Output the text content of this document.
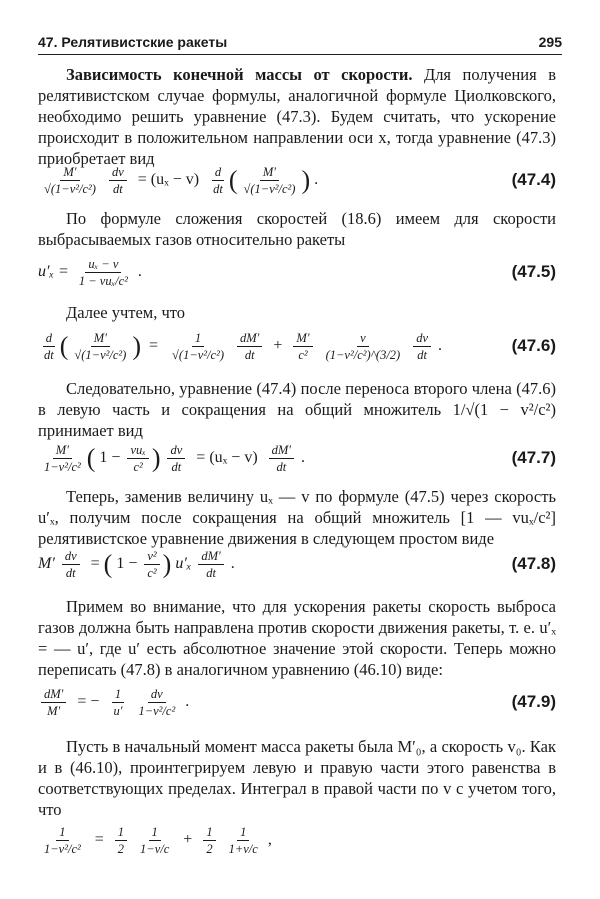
47. Релятивистские ракеты	295
Зависимость конечной массы от скорости. Для получения в релятивистском случае формулы, аналогичной формуле Циолковского, необходимо решить уравнение (47.3). Будем считать, что ускорение происходит в положительном направлении оси x, тогда уравнение (47.3) приобретает вид
$\frac{M'}{\text{√(1−v²/c²)}}$
$\frac{dv}{dt} = (u_x - v) \frac{d}{dt}$ ( $\frac{M'}{\text{√(1−v²/c²)}}$ ) .	(47.4)
По формуле сложения скоростей (18.6) имеем для скорости выбрасываемых газов относительно ракеты
$u'_x = \frac{\text{uₓ − v}}{\text{1 − vuₓ/c²}}$ .	(47.5)
Далее учтем, что
$\frac{d}{dt}$ ( $\frac{M'}{\text{√(1−v²/c²)}}$ ) = $\frac{1}{\text{√(1−v²/c²)}}$
$\frac{dM'}{dt} + \frac{M'}{\text{c²}}$
$\frac{v}{\text{(1−v²/c²)\textasciicircum{}(3/2)}}$
$\frac{dv}{dt}$ .	(47.6)
Следовательно, уравнение (47.4) после переноса второго члена (47.6) в левую часть и сокращения на общий множитель 1/√(1 − v²/c²) принимает вид
$\frac{M'}{\text{1−v²/c²}}$ ( $1 - \frac{\text{vuₓ}}{\text{c²}}$ ) $\frac{dv}{dt} = (u_x - v) \frac{dM'}{dt}$ .	(47.7)
Теперь, заменив величину uₓ — v по формуле (47.5) через скорость u′ₓ, получим после сокращения на общий множитель [1 — vuₓ/c²] релятивистское уравнение движения в следующем простом виде
$M' \frac{dv}{dt}$ = ( $1 - \frac{\text{v²}}{\text{c²}}$ ) $u'_x \frac{dM'}{dt}$ .	(47.8)
Примем во внимание, что для ускорения ракеты скорость выброса газов должна быть направлена против скорости движения ракеты, т. е. u′ₓ = — u′, где u′ есть абсолютное значение этой скорости. Теперь можно переписать (47.8) в аналогичном уравнению (46.10) виде:
$\frac{dM'}{M'}$ = − $\frac{1}{u'}$
$\frac{dv}{\text{1−v²/c²}}$ .	(47.9)
Пусть в начальный момент масса ракеты была M′₀, а скорость v₀. Как и в (46.10), проинтегрируем левую и правую части этого равенства в соответствующих пределах. Интеграл в правой части по v с учетом того, что
$\frac{1}{\text{1−v²/c²}} = \frac{1}{2}$
$\frac{1}{1-v/c} + \frac{1}{2}$
$\frac{1}{1+v/c}$ ,
